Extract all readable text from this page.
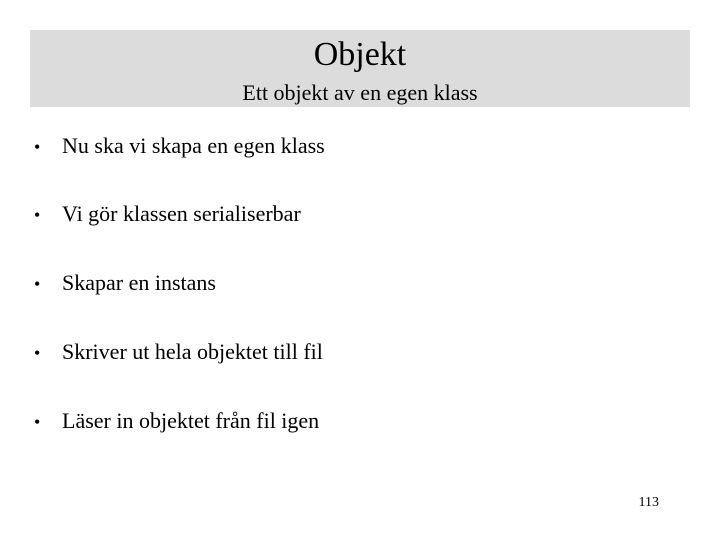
Objekt
Ett objekt av en egen klass
• Nu ska vi skapa en egen klass
• Vi gör klassen serialiserbar
• Skapar en instans
• Skriver ut hela objektet till fil
• Läser in objektet från fil igen
113
